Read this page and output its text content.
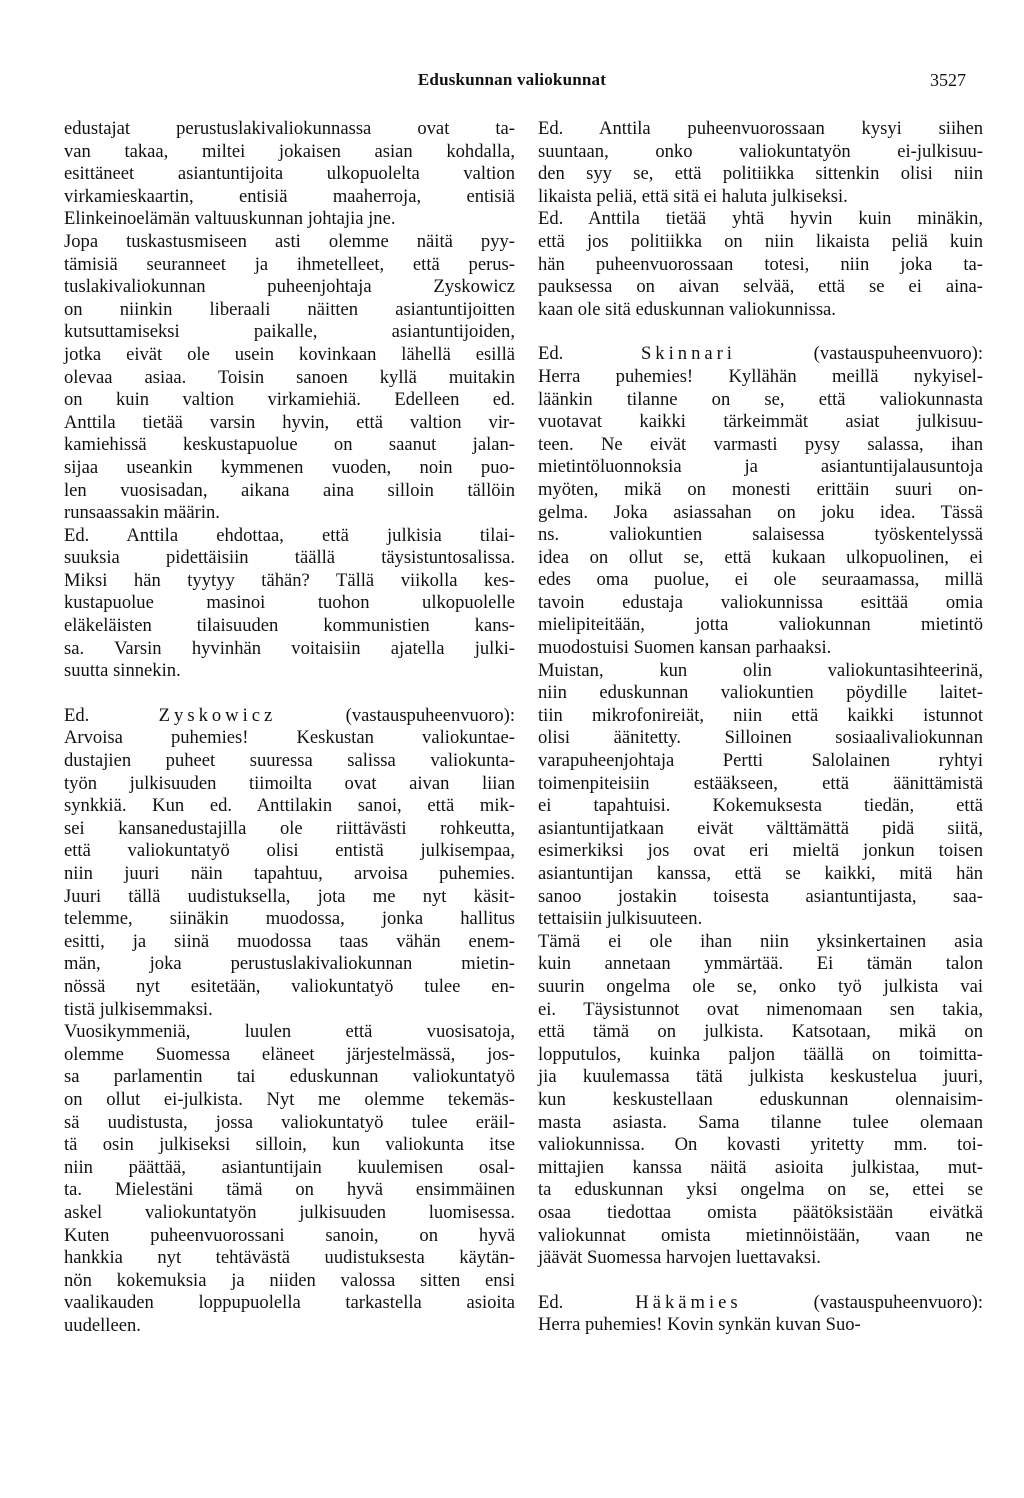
Eduskunnan valiokunnat	3527
edustajat perustuslakivaliokunnassa ovat ta-
van takaa, miltei jokaisen asian kohdalla,
esittäneet asiantuntijoita ulkopuolelta valtion
virkamieskaartin, entisiä maaherroja, entisiä
Elinkeinoelämän valtuuskunnan johtajia jne.
Jopa tuskastusmiseen asti olemme näitä pyy-
tämisiä seuranneet ja ihmetelleet, että perus-
tuslakivaliokunnan puheenjohtaja Zyskowicz
on niinkin liberaali näitten asiantuntijoitten
kutsuttamiseksi paikalle, asiantuntijoiden,
jotka eivät ole usein kovinkaan lähellä esillä
olevaa asiaa. Toisin sanoen kyllä muitakin
on kuin valtion virkamiehiä. Edelleen ed.
Anttila tietää varsin hyvin, että valtion vir-
kamiehissä keskustapuolue on saanut jalan-
sijaa useankin kymmenen vuoden, noin puo-
len vuosisadan, aikana aina silloin tällöin
runsaassakin määrin.
Ed. Anttila ehdottaa, että julkisia tilai-
suuksia pidettäisiin täällä täysistuntosalissa.
Miksi hän tyytyy tähän? Tällä viikolla kes-
kustapuolue masinoi tuohon ulkopuolelle
eläkeläisten tilaisuuden kommunistien kans-
sa. Varsin hyvinhän voitaisiin ajatella julki-
suutta sinnekin.
Ed. Zyskowicz (vastauspuheenvuoro):
Arvoisa puhemies! Keskustan valiokuntae-
dustajien puheet suuressa salissa valiokunta-
työn julkisuuden tiimoilta ovat aivan liian
synkkiä. Kun ed. Anttilakin sanoi, että mik-
sei kansanedustajilla ole riittävästi rohkeutta,
että valiokuntatyö olisi entistä julkisempaa,
niin juuri näin tapahtuu, arvoisa puhemies.
Juuri tällä uudistuksella, jota me nyt käsit-
telemme, siinäkin muodossa, jonka hallitus
esitti, ja siinä muodossa taas vähän enem-
män, joka perustuslakivaliokunnan mietin-
nössä nyt esitetään, valiokuntatyö tulee en-
tistä julkisemmaksi.
Vuosikymmeniä, luulen että vuosisatoja,
olemme Suomessa eläneet järjestelmässä, jos-
sa parlamentin tai eduskunnan valiokuntatyö
on ollut ei-julkista. Nyt me olemme tekemäs-
sä uudistusta, jossa valiokuntatyö tulee eräil-
tä osin julkiseksi silloin, kun valiokunta itse
niin päättää, asiantuntijain kuulemisen osal-
ta. Mielestäni tämä on hyvä ensimmäinen
askel valiokuntatyön julkisuuden luomisessa.
Kuten puheenvuorossani sanoin, on hyvä
hankkia nyt tehtävästä uudistuksesta käytän-
nön kokemuksia ja niiden valossa sitten ensi
vaalikauden loppupuolella tarkastella asioita
uudelleen.
Ed. Anttila puheenvuorossaan kysyi siihen
suuntaan, onko valiokuntatyön ei-julkisuu-
den syy se, että politiikka sittenkin olisi niin
likaista peliä, että sitä ei haluta julkiseksi.
Ed. Anttila tietää yhtä hyvin kuin minäkin,
että jos politiikka on niin likaista peliä kuin
hän puheenvuorossaan totesi, niin joka ta-
pauksessa on aivan selvää, että se ei aina-
kaan ole sitä eduskunnan valiokunnissa.
Ed. Skinnari (vastauspuheenvuoro):
Herra puhemies! Kyllähän meillä nykyisel-
läänkin tilanne on se, että valiokunnasta
vuotavat kaikki tärkeimmät asiat julkisuu-
teen. Ne eivät varmasti pysy salassa, ihan
mietintöluonnoksia ja asiantuntijalausuntoja
myöten, mikä on monesti erittäin suuri on-
gelma. Joka asiassahan on joku idea. Tässä
ns. valiokuntien salaisessa työskentelyssä
idea on ollut se, että kukaan ulkopuolinen, ei
edes oma puolue, ei ole seuraamassa, millä
tavoin edustaja valiokunnissa esittää omia
mielipiteitään, jotta valiokunnan mietintö
muodostuisi Suomen kansan parhaaksi.
Muistan, kun olin valiokuntasihteerinä,
niin eduskunnan valiokuntien pöydille laitet-
tiin mikrofonireiät, niin että kaikki istunnot
olisi äänitetty. Silloinen sosiaalivaliokunnan
varapuheenjohtaja Pertti Salolainen ryhtyi
toimenpiteisiin estääkseen, että äänittämistä
ei tapahtuisi. Kokemuksesta tiedän, että
asiantuntijatkaan eivät välttämättä pidä siitä,
esimerkiksi jos ovat eri mieltä jonkun toisen
asiantuntijan kanssa, että se kaikki, mitä hän
sanoo jostakin toisesta asiantuntijasta, saa-
tettaisiin julkisuuteen.
Tämä ei ole ihan niin yksinkertainen asia
kuin annetaan ymmärtää. Ei tämän talon
suurin ongelma ole se, onko työ julkista vai
ei. Täysistunnot ovat nimenomaan sen takia,
että tämä on julkista. Katsotaan, mikä on
lopputulos, kuinka paljon täällä on toimitta-
jia kuulemassa tätä julkista keskustelua juuri,
kun keskustellaan eduskunnan olennaisim-
masta asiasta. Sama tilanne tulee olemaan
valiokunnissa. On kovasti yritetty mm. toi-
mittajien kanssa näitä asioita julkistaa, mut-
ta eduskunnan yksi ongelma on se, ettei se
osaa tiedottaa omista päätöksistään eivätkä
valiokunnat omista mietinnöistään, vaan ne
jäävät Suomessa harvojen luettavaksi.
Ed. Häkämies (vastauspuheenvuoro):
Herra puhemies! Kovin synkän kuvan Suo-
